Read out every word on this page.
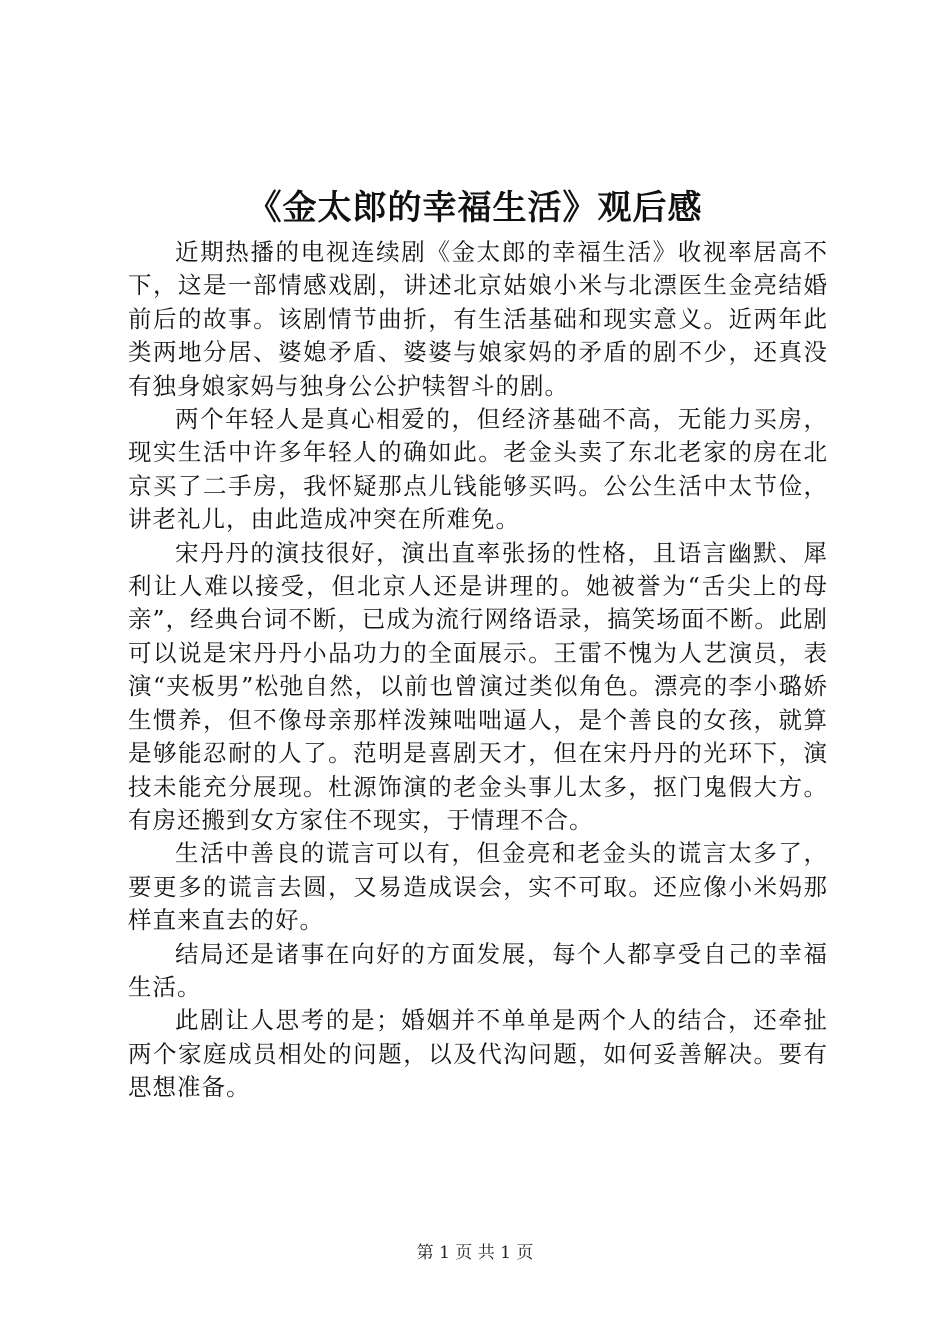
《金太郎的幸福生活》观后感

近期热播的电视连续剧《金太郎的幸福生活》收视率居高不下，这是一部情感戏剧，讲述北京姑娘小米与北漂医生金亮结婚前后的故事。该剧情节曲折，有生活基础和现实意义。近两年此类两地分居、婆媳矛盾、婆婆与娘家妈的矛盾的剧不少，还真没有独身娘家妈与独身公公护犊智斗的剧。

两个年轻人是真心相爱的，但经济基础不高，无能力买房，现实生活中许多年轻人的确如此。老金头卖了东北老家的房在北京买了二手房，我怀疑那点儿钱能够买吗。公公生活中太节俭，讲老礼儿，由此造成冲突在所难免。

宋丹丹的演技很好，演出直率张扬的性格，且语言幽默、犀利让人难以接受，但北京人还是讲理的。她被誉为“舌尖上的母亲”，经典台词不断，已成为流行网络语录，搞笑场面不断。此剧可以说是宋丹丹小品功力的全面展示。王雷不愧为人艺演员，表演“夹板男”松弛自然，以前也曾演过类似角色。漂亮的李小璐娇生惯养，但不像母亲那样泼辣咄咄逼人，是个善良的女孩，就算是够能忍耐的人了。范明是喜剧天才，但在宋丹丹的光环下，演技未能充分展现。杜源饰演的老金头事儿太多，抠门鬼假大方。有房还搬到女方家住不现实，于情理不合。

生活中善良的谎言可以有，但金亮和老金头的谎言太多了，要更多的谎言去圆，又易造成误会，实不可取。还应像小米妈那样直来直去的好。

结局还是诸事在向好的方面发展，每个人都享受自己的幸福生活。

此剧让人思考的是；婚姻并不单单是两个人的结合，还牵扯两个家庭成员相处的问题，以及代沟问题，如何妥善解决。要有思想准备。

第 1 页 共 1 页
